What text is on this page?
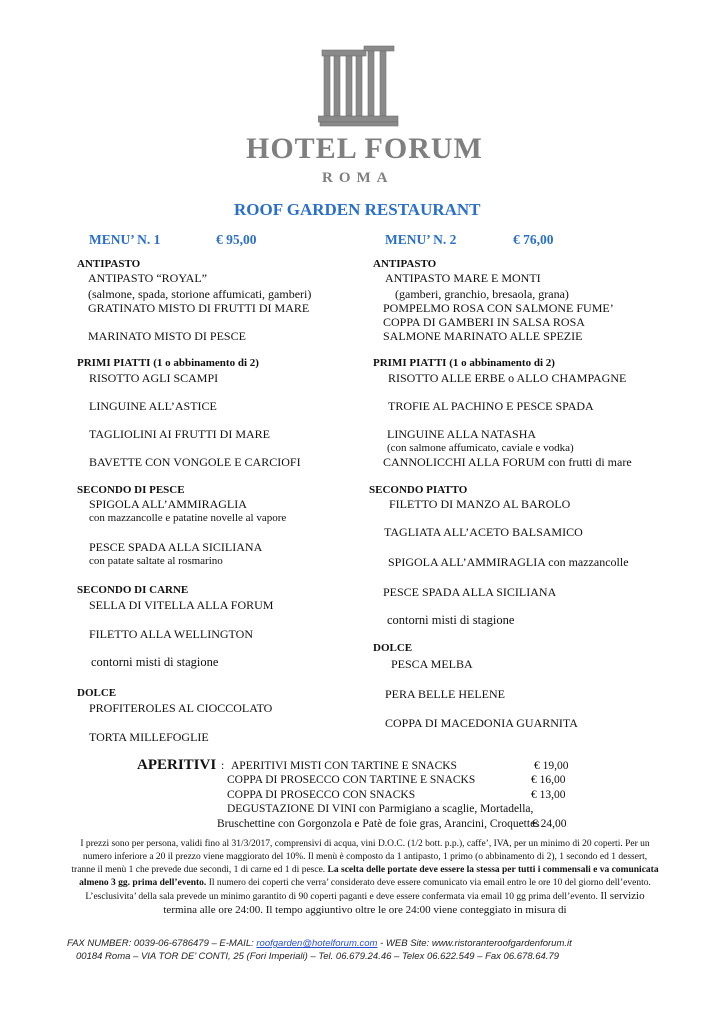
HOTEL FORUM
ROMA
ROOF GARDEN RESTAURANT
MENU’ N. 1	€ 95,00	MENU’ N. 2	€ 76,00
ANTIPASTO
ANTIPASTO “ROYAL”
(salmone, spada, storione affumicati, gamberi)
GRATINATO MISTO DI FRUTTI DI MARE
MARINATO MISTO DI PESCE
PRIMI PIATTI (1 o abbinamento di 2)
RISOTTO AGLI SCAMPI
LINGUINE ALL’ASTICE
TAGLIOLINI AI FRUTTI DI MARE
BAVETTE CON VONGOLE E CARCIOFI
SECONDO DI PESCE
SPIGOLA ALL’AMMIRAGLIA
con mazzancolle e patatine novelle al vapore
PESCE SPADA ALLA SICILIANA
con patate saltate al rosmarino
SECONDO DI CARNE
SELLA DI VITELLA ALLA FORUM
FILETTO ALLA WELLINGTON
contorni misti di stagione
DOLCE
PROFITEROLES AL CIOCCOLATO
TORTA MILLEFOGLIE
ANTIPASTO
ANTIPASTO MARE E MONTI
(gamberi, granchio, bresaola, grana)
POMPELMO ROSA CON SALMONE FUME’
COPPA DI GAMBERI IN SALSA ROSA
SALMONE MARINATO ALLE SPEZIE
PRIMI PIATTI (1 o abbinamento di 2)
RISOTTO ALLE ERBE o ALLO CHAMPAGNE
TROFIE AL PACHINO E PESCE SPADA
LINGUINE ALLA NATASHA
(con salmone affumicato, caviale e vodka)
CANNOLICCHI ALLA FORUM con frutti di mare
SECONDO PIATTO
FILETTO DI MANZO AL BAROLO
TAGLIATA ALL’ACETO BALSAMICO
SPIGOLA ALL’AMMIRAGLIA con mazzancolle
PESCE SPADA ALLA SICILIANA
contorni misti di stagione
DOLCE
PESCA MELBA
PERA BELLE HELENE
COPPA DI MACEDONIA GUARNITA
APERITIVI : APERITIVI MISTI CON TARTINE E SNACKS	€ 19,00
COPPA DI PROSECCO CON TARTINE E SNACKS	€ 16,00
COPPA DI PROSECCO CON SNACKS	€ 13,00
DEGUSTAZIONE DI VINI con Parmigiano a scaglie, Mortadella,
Bruschettine con Gorgonzola e Patè de foie gras, Arancini, Croquettes
€ 24,00
I prezzi sono per persona, validi fino al 31/3/2017, comprensivi di acqua, vini D.O.C. (1/2 bott. p.p.), caffe’, IVA, per un minimo di 20 coperti. Per un numero inferiore a 20 il prezzo viene maggiorato del 10%. Il menù è composto da 1 antipasto, 1 primo (o abbinamento di 2), 1 secondo ed 1 dessert, tranne il menù 1 che prevede due secondi, 1 di carne ed 1 di pesce. La scelta delle portate deve essere la stessa per tutti i commensali e va comunicata almeno 3 gg. prima dell’evento. Il numero dei coperti che verra’ considerato deve essere comunicato via email entro le ore 10 del giorno dell’evento. L’esclusivita’ della sala prevede un minimo garantito di 90 coperti paganti e deve essere confermata via email 10 gg prima dell’evento. Il servizio termina alle ore 24:00. Il tempo aggiuntivo oltre le ore 24:00 viene conteggiato in misura di
FAX NUMBER: 0039-06-6786479 – E-MAIL: roofgarden@hotelforum.com - WEB Site: www.ristoranteroofgardenforum.it
00184 Roma – VIA TOR DE’ CONTI, 25 (Fori Imperiali) – Tel. 06.679.24.46 – Telex 06.622.549 – Fax 06.678.64.79
